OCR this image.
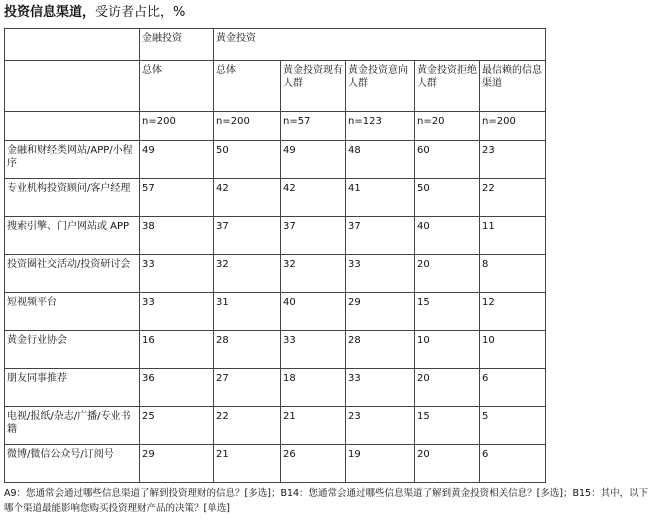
投资信息渠道，受访者占比，%
	金融投资	黄金投资				
	总体	总体	黄金投资现有人群	黄金投资意向人群	黄金投资拒绝人群	最信赖的信息渠道
	n=200	n=200	n=57	n=123	n=20	n=200
金融和财经类网站/APP/小程序	49	50	49	48	60	23
专业机构投资顾问/客户经理	57	42	42	41	50	22
搜索引擎、门户网站或 APP	38	37	37	37	40	11
投资圈社交活动/投资研讨会	33	32	32	33	20	8
短视频平台	33	31	40	29	15	12
黄金行业协会	16	28	33	28	10	10
朋友同事推荐	36	27	18	33	20	6
电视/报纸/杂志/广播/专业书籍	25	22	21	23	15	5
微博/微信公众号/订阅号	29	21	26	19	20	6
A9：您通常会通过哪些信息渠道了解到投资理财的信息？[多选]；B14：您通常会通过哪些信息渠道了解到黄金投资相关信息？[多选]；B15：其中，以下哪个渠道最能影响您购买投资理财产品的决策？[单选]
